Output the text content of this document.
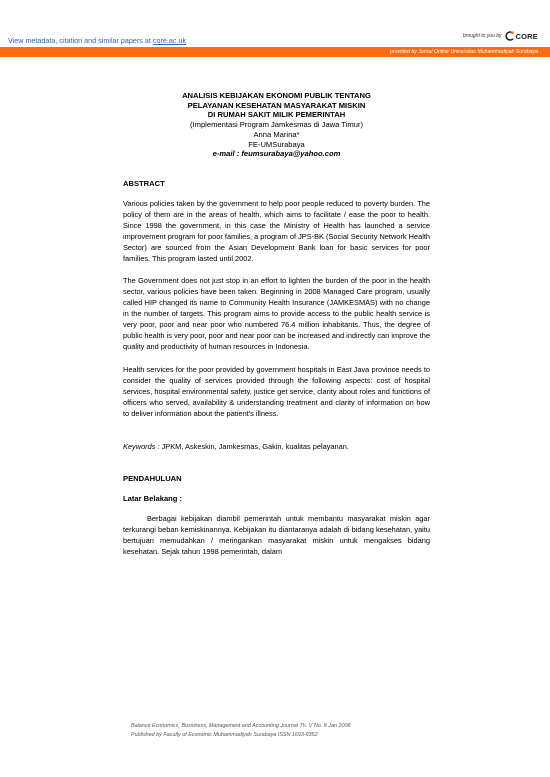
View metadata, citation and similar papers at core.ac.uk	brought to you by CORE
provided by Jurnal Online Universitas Muhammadiyah Surabaya
ANALISIS KEBIJAKAN EKONOMI PUBLIK TENTANG
PELAYANAN KESEHATAN MASYARAKAT MISKIN
DI RUMAH SAKIT MILIK PEMERINTAH
(Implementasi Program Jamkesmas di Jawa Timur)
Anna Marina*
FE-UMSurabaya
e-mail : feumsurabaya@yahoo.com
ABSTRACT

Various policies taken by the government to help poor people reduced to poverty burden. The policy of them are in the areas of health, which aims to facilitate / ease the poor to health. Since 1998 the government, in this case the Ministry of Health has launched a service improvement program for poor families, a program of JPS-BK (Social Security Network Health Sector) are sourced from the Asian Development Bank loan for basic services for poor families. This program lasted until 2002.

The Government does not just stop in an effort to lighten the burden of the poor in the health sector, various policies have been taken. Beginning in 2008 Managed Care program, usually called HIP changed its name to Community Health Insurance (JAMKESMAS) with no change in the number of targets. This program aims to provide access to the public health service is very poor, poor and near poor who numbered 76.4 million inhabitants. Thus, the degree of public health is very poor, poor and near poor can be increased and indirectly can improve the quality and productivity of human resources in Indonesia.

Health services for the poor provided by government hospitals in East Java province needs to consider the quality of services provided through the following aspects: cost of hospital services, hospital environmental safety, justice get service, clarity about roles and functions of officers who served, availability & understanding treatment and clarity of information on how to deliver information about the patient's illness.

Keywords : JPKM, Askeskin, Jamkesmas, Gakin, kualitas pelayanan.
PENDAHULUAN
Latar Belakang :

Berbagai kebijakan diambil pemerintah untuk membantu masyarakat miskin agar terkurangi beban kemiskinannya. Kebijakan itu diantaranya adalah di bidang kesehatan, yaitu bertujuan memudahkan / meringankan masyarakat miskin untuk mengakses bidang kesehatan. Sejak tahun 1998 pemerintah, dalam

Balance Economics, Bussiness, Management and Accounting Journal Th. V No. 8 Jan 2008
Published by Faculty of Economic Muhammadiyah Surabaya ISSN 1693-9352
